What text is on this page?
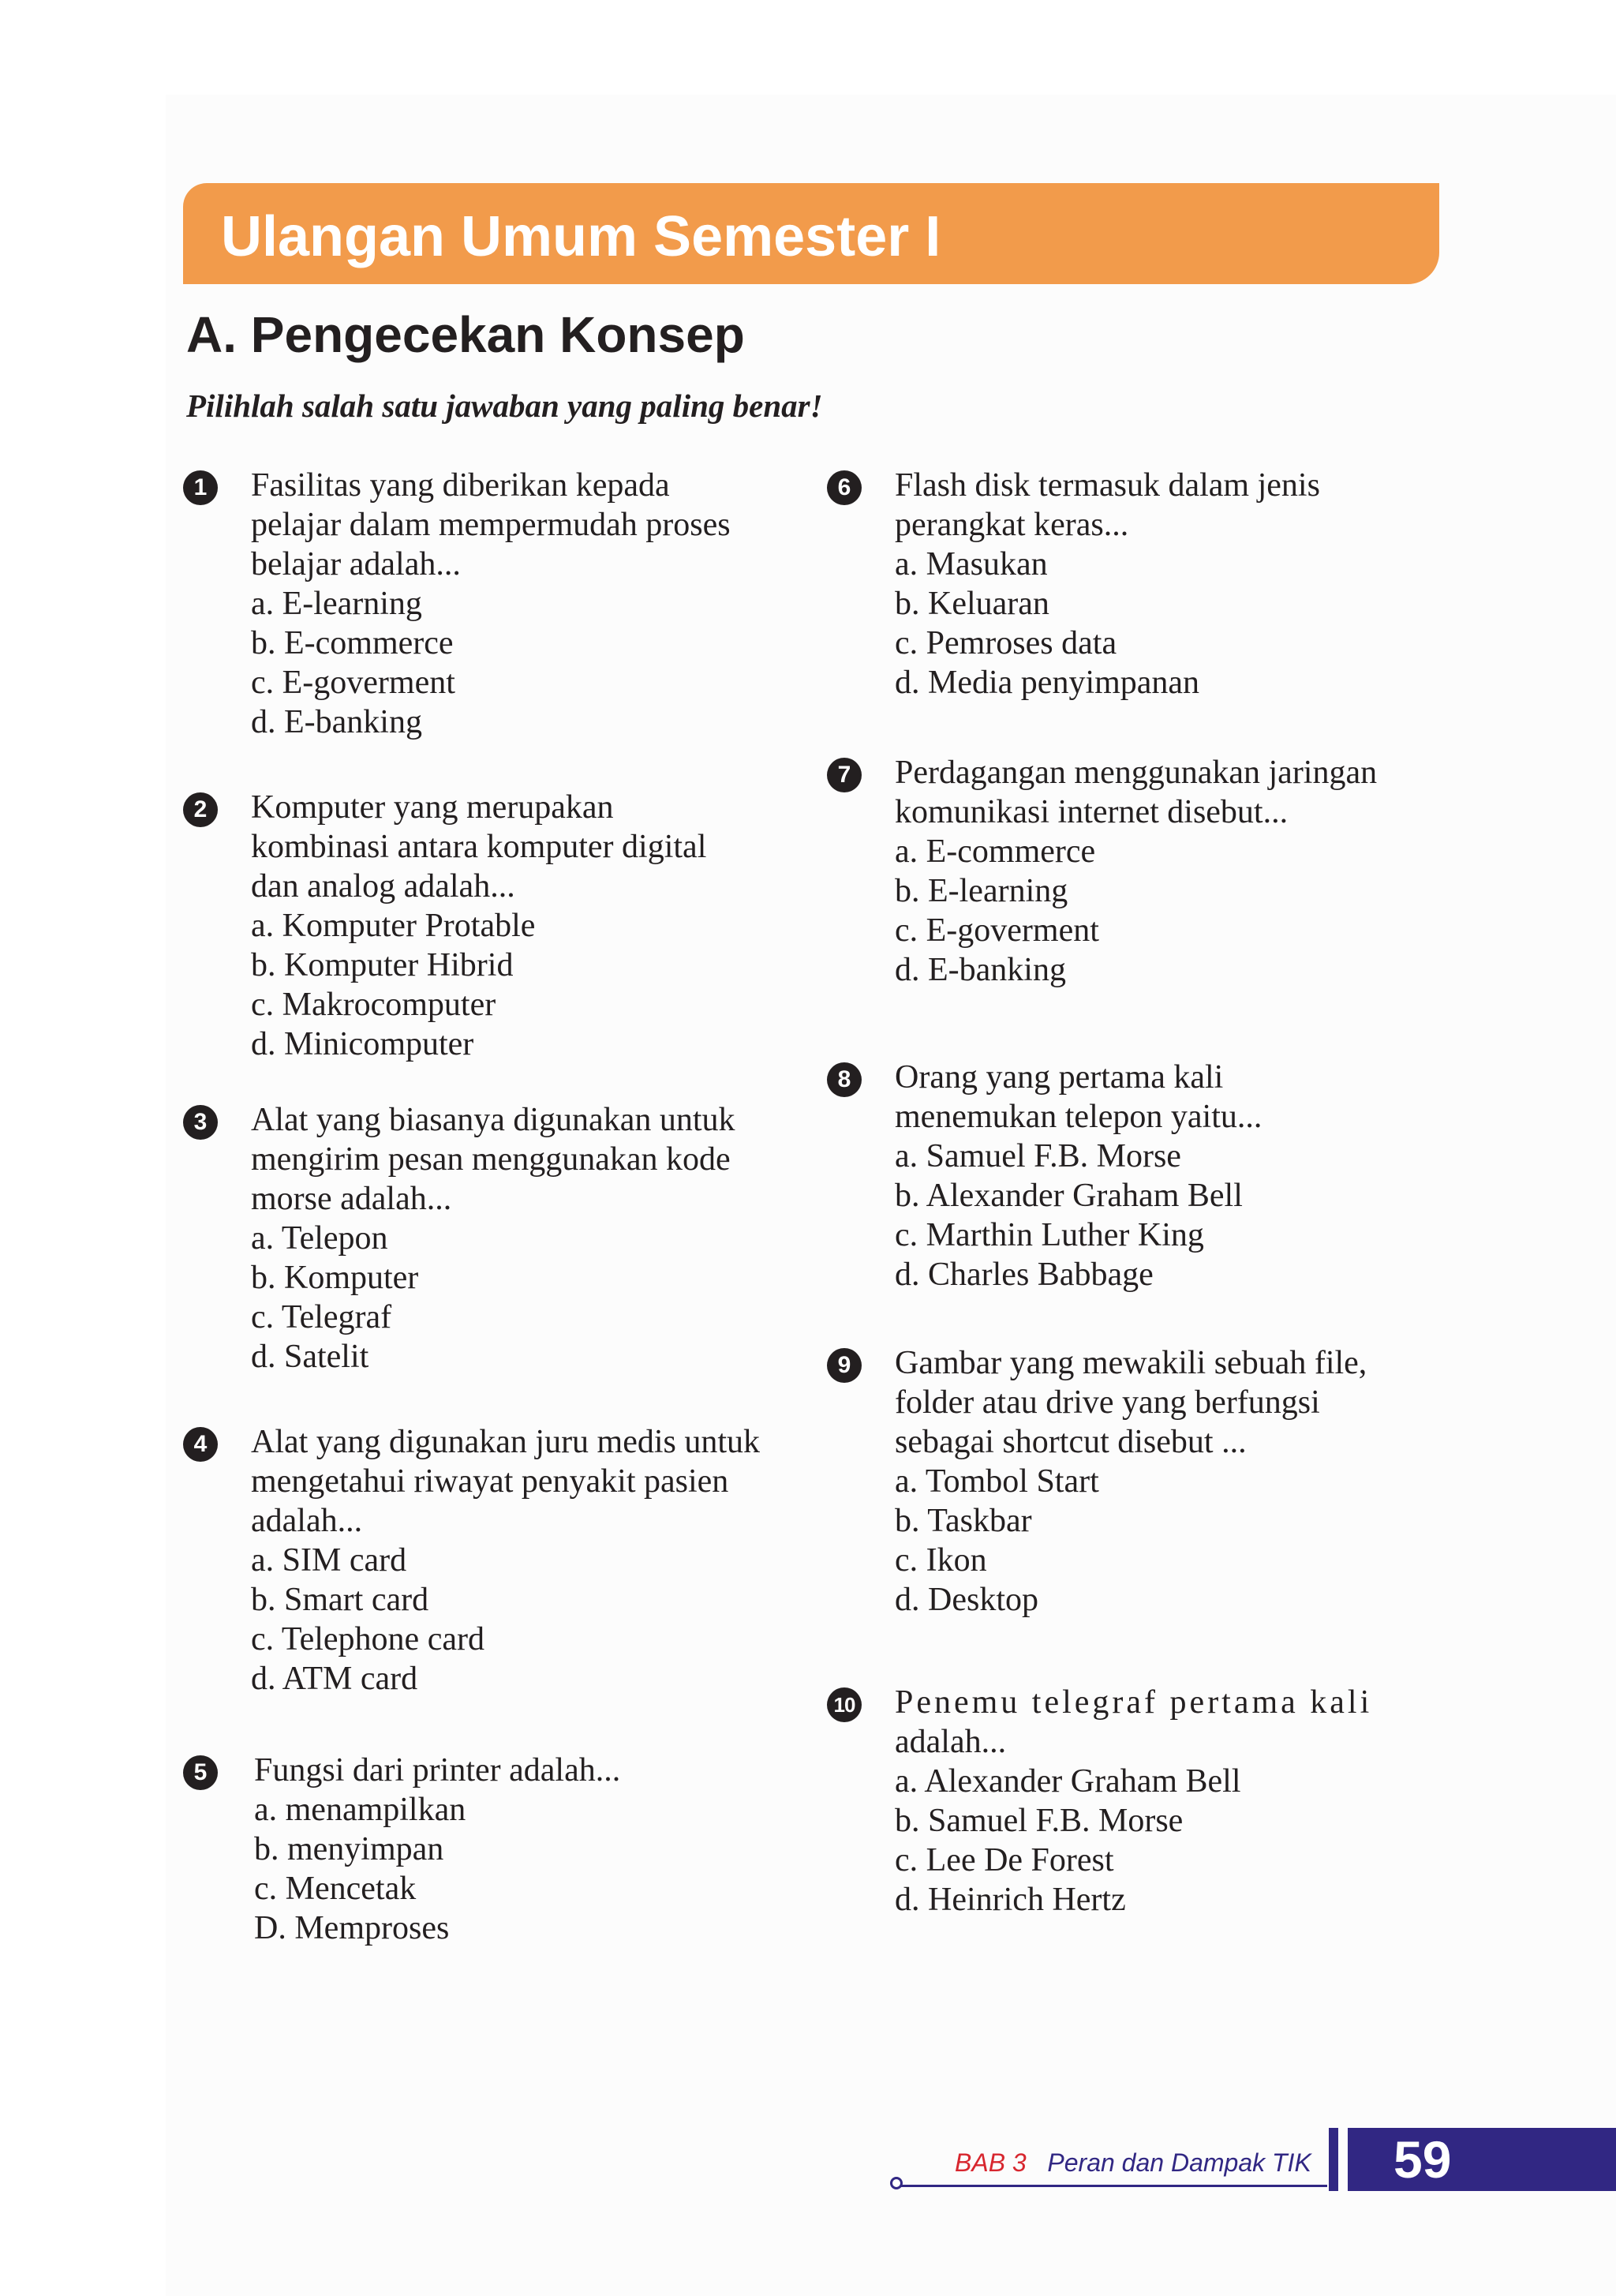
Ulangan Umum Semester I
A. Pengecekan Konsep
Pilihlah salah satu jawaban yang paling benar!
1	Fasilitas yang diberikan kepada
pelajar dalam mempermudah proses
belajar adalah...
a. E-learning
b. E-commerce
c. E-goverment
d. E-banking
2	Komputer yang merupakan
kombinasi antara komputer digital
dan analog adalah...
a. Komputer Protable
b. Komputer Hibrid
c. Makrocomputer
d. Minicomputer
3	Alat yang biasanya digunakan untuk
mengirim pesan menggunakan kode
morse adalah...
a. Telepon
b. Komputer
c. Telegraf
d. Satelit
4	Alat yang digunakan juru medis untuk
mengetahui riwayat penyakit pasien
adalah...
a. SIM card
b. Smart card
c. Telephone card
d. ATM card
5	Fungsi dari printer adalah...
a. menampilkan
b. menyimpan
c. Mencetak
D. Memproses
6	Flash disk termasuk dalam jenis
perangkat keras...
a. Masukan
b. Keluaran
c. Pemroses data
d. Media penyimpanan
7	Perdagangan menggunakan jaringan
komunikasi internet disebut...
a. E-commerce
b. E-learning
c. E-goverment
d. E-banking
8	Orang yang pertama kali
menemukan telepon yaitu...
a. Samuel F.B. Morse
b. Alexander Graham Bell
c. Marthin Luther King
d. Charles Babbage
9	Gambar yang mewakili sebuah file,
folder atau drive yang berfungsi
sebagai shortcut disebut ...
a. Tombol Start
b. Taskbar
c. Ikon
d. Desktop
10 Penemu telegraf pertama kali
adalah...
a. Alexander Graham Bell
b. Samuel F.B. Morse
c. Lee De Forest
d. Heinrich Hertz
BAB 3 Peran dan Dampak TIK 59
